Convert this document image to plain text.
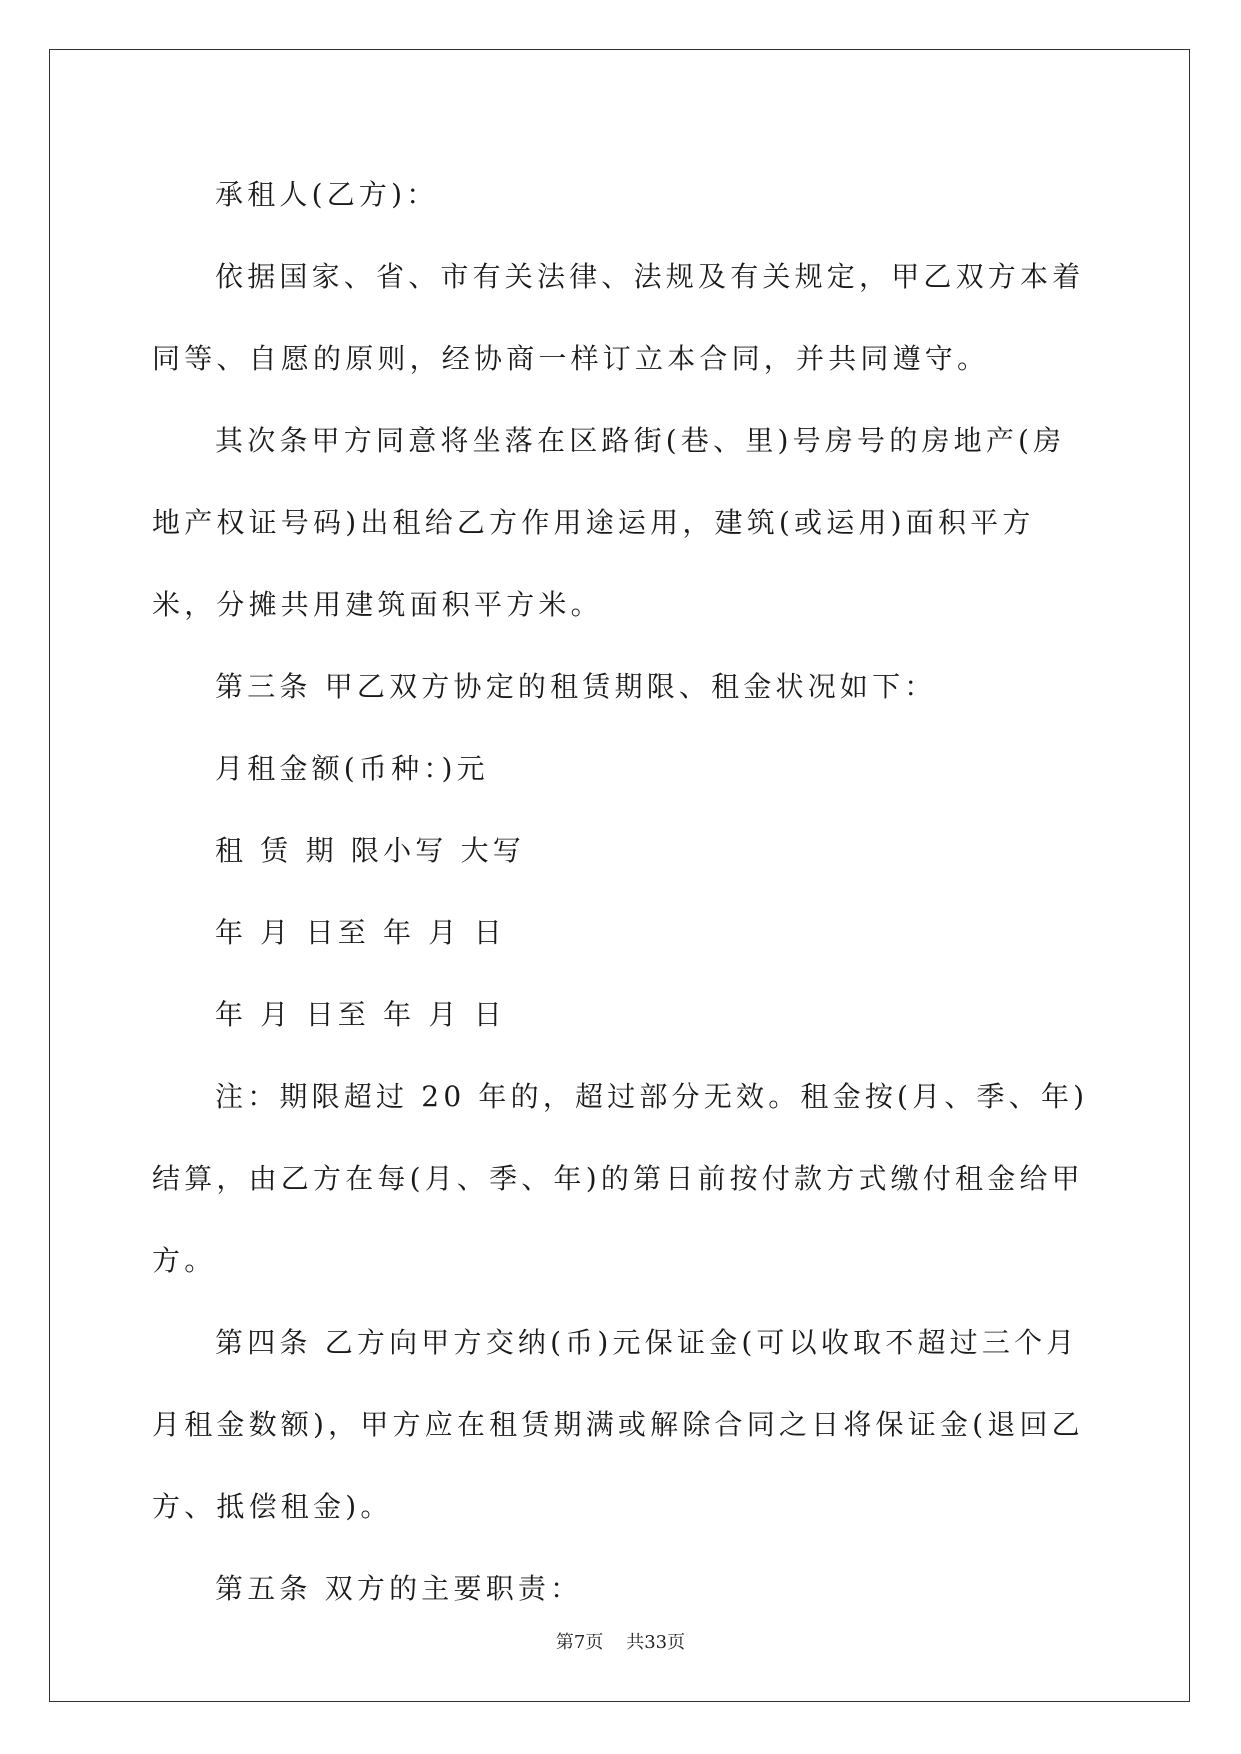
承租人(乙方)：

依据国家、省、市有关法律、法规及有关规定，甲乙双方本着同等、自愿的原则，经协商一样订立本合同，并共同遵守。

其次条甲方同意将坐落在区路街(巷、里)号房号的房地产(房地产权证号码)出租给乙方作用途运用，建筑(或运用)面积平方米，分摊共用建筑面积平方米。

第三条 甲乙双方协定的租赁期限、租金状况如下：

月租金额(币种：)元

租 赁 期 限小写 大写

年 月 日至 年 月 日

年 月 日至 年 月 日

注：期限超过 20 年的，超过部分无效。租金按(月、季、年)结算，由乙方在每(月、季、年)的第日前按付款方式缴付租金给甲方。

第四条 乙方向甲方交纳(币)元保证金(可以收取不超过三个月月租金数额)，甲方应在租赁期满或解除合同之日将保证金(退回乙方、抵偿租金)。

第五条 双方的主要职责：

第7页 共33页
